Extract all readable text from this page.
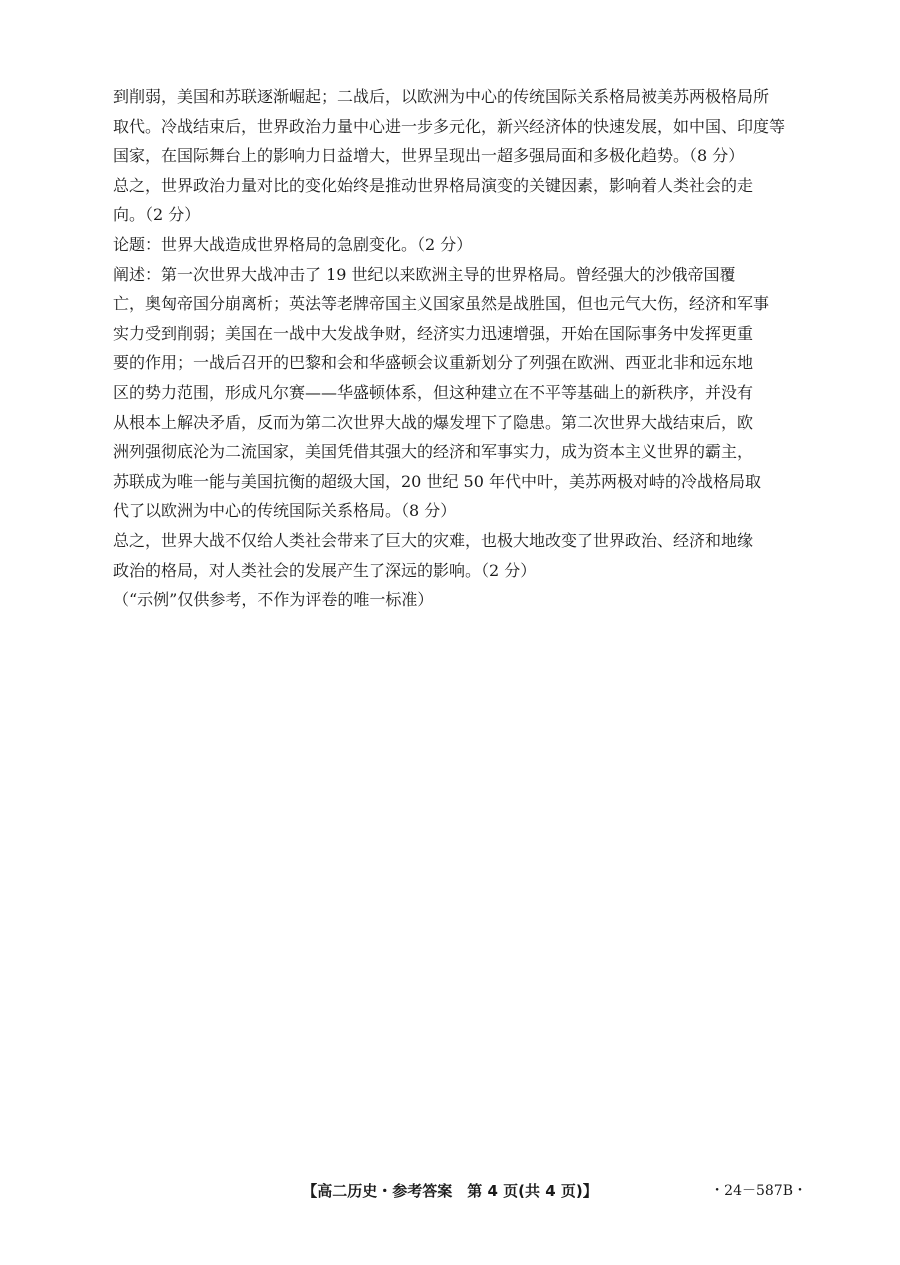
到削弱，美国和苏联逐渐崛起；二战后，以欧洲为中心的传统国际关系格局被美苏两极格局所
取代。冷战结束后，世界政治力量中心进一步多元化，新兴经济体的快速发展，如中国、印度等
国家，在国际舞台上的影响力日益增大，世界呈现出一超多强局面和多极化趋势。（8 分）
总之，世界政治力量对比的变化始终是推动世界格局演变的关键因素，影响着人类社会的走
向。（2 分）
论题：世界大战造成世界格局的急剧变化。（2 分）
阐述：第一次世界大战冲击了 19 世纪以来欧洲主导的世界格局。曾经强大的沙俄帝国覆
亡，奥匈帝国分崩离析；英法等老牌帝国主义国家虽然是战胜国，但也元气大伤，经济和军事
实力受到削弱；美国在一战中大发战争财，经济实力迅速增强，开始在国际事务中发挥更重
要的作用；一战后召开的巴黎和会和华盛顿会议重新划分了列强在欧洲、西亚北非和远东地
区的势力范围，形成凡尔赛——华盛顿体系，但这种建立在不平等基础上的新秩序，并没有
从根本上解决矛盾，反而为第二次世界大战的爆发埋下了隐患。第二次世界大战结束后，欧
洲列强彻底沦为二流国家，美国凭借其强大的经济和军事实力，成为资本主义世界的霸主，
苏联成为唯一能与美国抗衡的超级大国，20 世纪 50 年代中叶，美苏两极对峙的冷战格局取
代了以欧洲为中心的传统国际关系格局。（8 分）
总之，世界大战不仅给人类社会带来了巨大的灾难，也极大地改变了世界政治、经济和地缘
政治的格局，对人类社会的发展产生了深远的影响。（2 分）
（“示例”仅供参考，不作为评卷的唯一标准）
【高二历史・参考答案　第 4 页(共 4 页)】	・24－587B・
